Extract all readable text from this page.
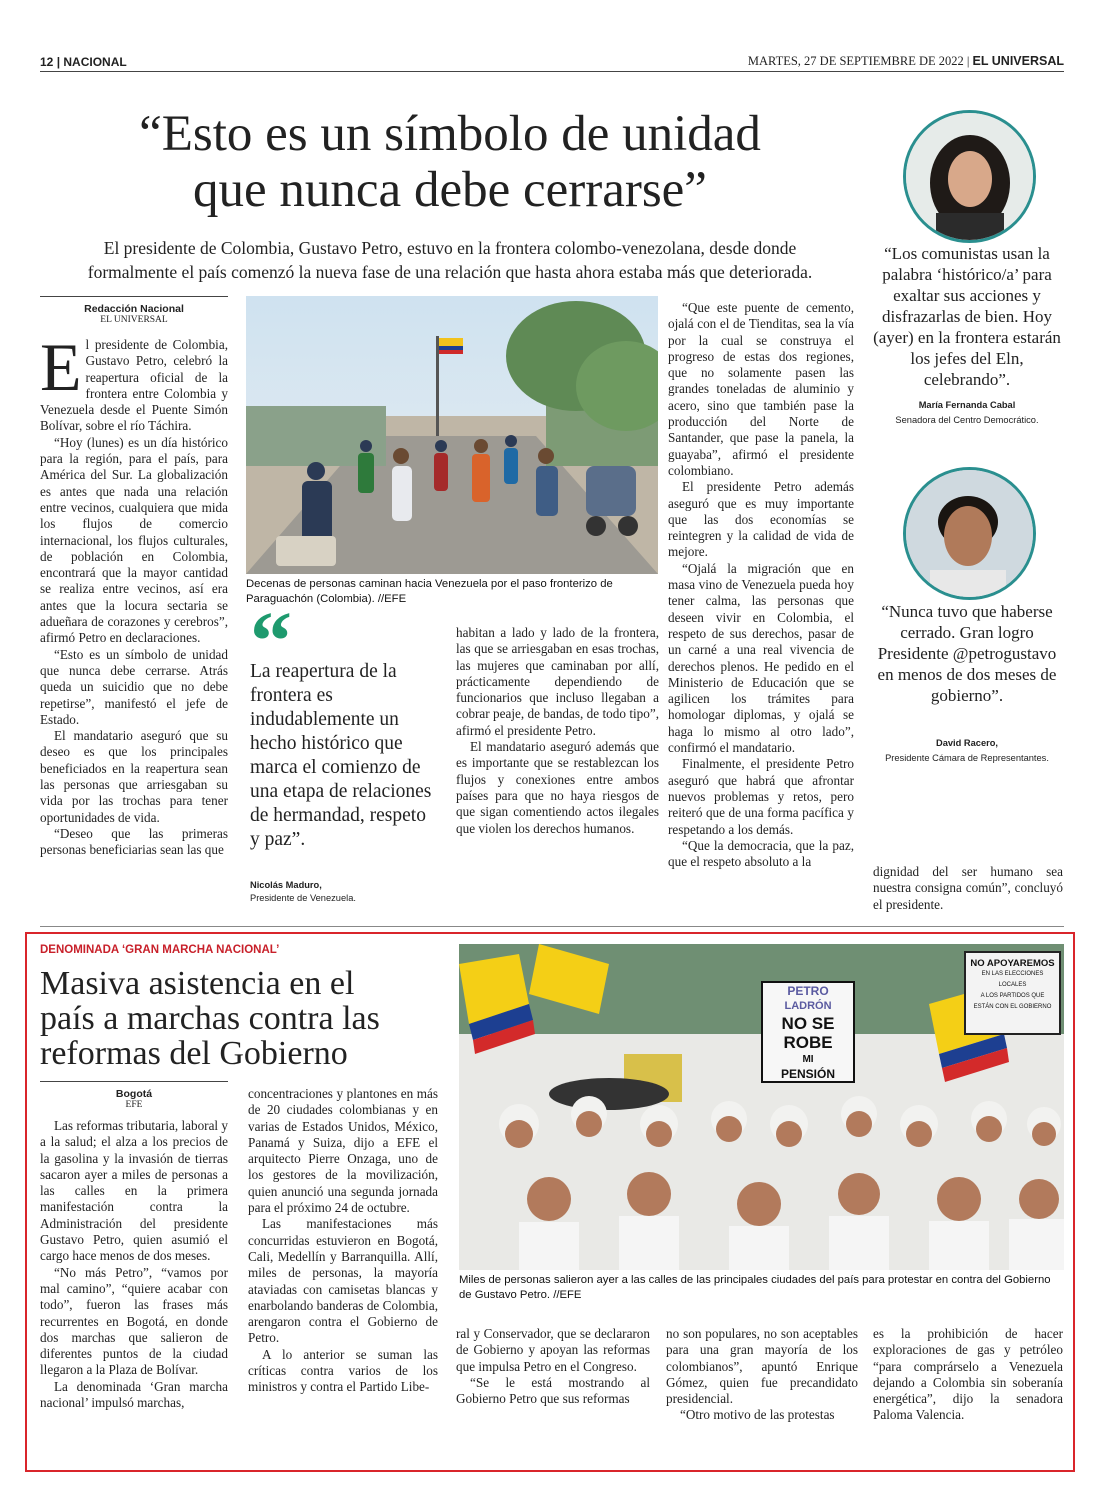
12 | NACIONAL	MARTES, 27 DE SEPTIEMBRE DE 2022 | EL UNIVERSAL
“Esto es un símbolo de unidad
que nunca debe cerrarse”
El presidente de Colombia, Gustavo Petro, estuvo en la frontera colombo-venezolana, desde donde
formalmente el país comenzó la nueva fase de una relación que hasta ahora estaba más que deteriorada.
Redacción Nacional
EL UNIVERSAL

El presidente de Colombia, Gustavo Petro, celebró la reapertura oficial de la frontera entre Colombia y Venezuela desde el Puente Simón Bolívar, sobre el río Táchira.

“Hoy (lunes) es un día histórico para la región, para el país, para América del Sur. La globalización es antes que nada una relación entre vecinos, cualquiera que mida los flujos de comercio internacional, los flujos culturales, de población en Colombia, encontrará que la mayor cantidad se realiza entre vecinos, así era antes que la locura sectaria se adueñara de corazones y cerebros”, afirmó Petro en declaraciones.

“Esto es un símbolo de unidad que nunca debe cerrarse. Atrás queda un suicidio que no debe repetirse”, manifestó el jefe de Estado.

El mandatario aseguró que su deseo es que los principales beneficiados en la reapertura sean las personas que arriesgaban su vida por las trochas para tener oportunidades de vida.

“Deseo que las primeras personas beneficiarias sean las que

Decenas de personas caminan hacia Venezuela por el paso fronterizo de Paraguachón (Colombia). //EFE
“
La reapertura de la frontera es indudablemente un hecho histórico que marca el comienzo de una etapa de relaciones de hermandad, respeto y paz”.
Nicolás Maduro,
Presidente de Venezuela.

habitan a lado y lado de la frontera, las que se arriesgaban en esas trochas, las mujeres que caminaban por allí, prácticamente dependiendo de funcionarios que incluso llegaban a cobrar peaje, de bandas, de todo tipo”, afirmó el presidente Petro.

El mandatario aseguró además que es importante que se restablezcan los flujos y conexiones entre ambos países para que no haya riesgos de que sigan comentiendo actos ilegales que violen los derechos humanos.

“Que este puente de cemento, ojalá con el de Tienditas, sea la vía por la cual se construya el progreso de estas dos regiones, que no solamente pasen las grandes toneladas de aluminio y acero, sino que también pase la producción del Norte de Santander, que pase la panela, la guayaba”, afirmó el presidente colombiano.

El presidente Petro además aseguró que es muy importante que las dos economías se reintegren y la calidad de vida de mejore.

“Ojalá la migración que en masa vino de Venezuela pueda hoy tener calma, las personas que deseen vivir en Colombia, el respeto de sus derechos, pasar de un carné a una real vivencia de derechos plenos. He pedido en el Ministerio de Educación que se agilicen los trámites para homologar diplomas, y ojalá se haga lo mismo al otro lado”, confirmó el mandatario.

Finalmente, el presidente Petro aseguró que habrá que afrontar nuevos problemas y retos, pero reiteró que de una forma pacífica y respetando a los demás.

“Que la democracia, que la paz, que el respeto absoluto a la

dignidad del ser humano sea nuestra consigna común”, concluyó el presidente.

“Los comunistas usan la palabra ‘histórico/a’ para exaltar sus acciones y disfrazarlas de bien. Hoy (ayer) en la frontera estarán los jefes del Eln, celebrando”.
María Fernanda Cabal
Senadora del Centro Democrático.
“Nunca tuvo que haberse cerrado. Gran logro Presidente @petrogustavo en menos de dos meses de gobierno”.
David Racero,
Presidente Cámara de Representantes.
DENOMINADA ‘GRAN MARCHA NACIONAL’
Masiva asistencia en el
país a marchas contra las
reformas del Gobierno
Bogotá
EFE

Las reformas tributaria, laboral y a la salud; el alza a los precios de la gasolina y la invasión de tierras sacaron ayer a miles de personas a las calles en la primera manifestación contra la Administración del presidente Gustavo Petro, quien asumió el cargo hace menos de dos meses.

“No más Petro”, “vamos por mal camino”, “quiere acabar con todo”, fueron las frases más recurrentes en Bogotá, en donde dos marchas que salieron de diferentes puntos de la ciudad llegaron a la Plaza de Bolívar.

La denominada ‘Gran marcha nacional’ impulsó marchas,

concentraciones y plantones en más de 20 ciudades colombianas y en varias de Estados Unidos, México, Panamá y Suiza, dijo a EFE el arquitecto Pierre Onzaga, uno de los gestores de la movilización, quien anunció una segunda jornada para el próximo 24 de octubre.

Las manifestaciones más concurridas estuvieron en Bogotá, Cali, Medellín y Barranquilla. Allí, miles de personas, la mayoría ataviadas con camisetas blancas y enarbolando banderas de Colombia, arengaron contra el Gobierno de Petro.

A lo anterior se suman las críticas contra varios de los ministros y contra el Partido Libe-

PETRO
LADRÓN
NO SE
ROBE
MI
PENSIÓN
NO APOYAREMOS
EN LAS ELECCIONES LOCALES
A LOS PARTIDOS QUE
ESTÁN CON EL GOBIERNO
Miles de personas salieron ayer a las calles de las principales ciudades del país para protestar en contra del Gobierno de Gustavo Petro. //EFE

ral y Conservador, que se declararon de Gobierno y apoyan las reformas que impulsa Petro en el Congreso.

“Se le está mostrando al Gobierno Petro que sus reformas

no son populares, no son aceptables para una gran mayoría de los colombianos”, apuntó Enrique Gómez, quien fue precandidato presidencial.

“Otro motivo de las protestas

es la prohibición de hacer exploraciones de gas y petróleo “para comprárselo a Venezuela dejando a Colombia sin soberanía energética”, dijo la senadora Paloma Valencia.
